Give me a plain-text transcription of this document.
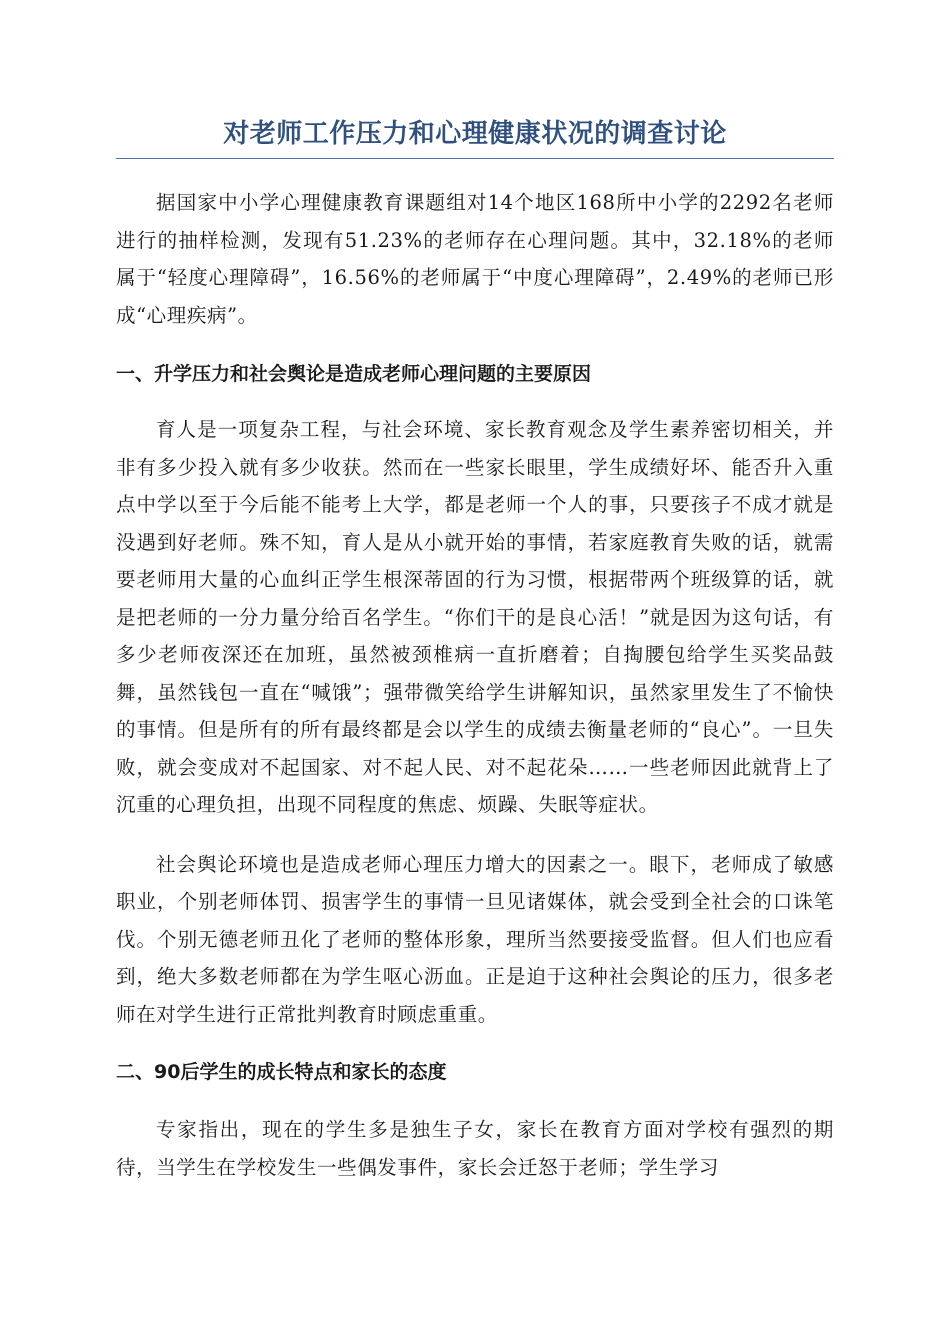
对老师工作压力和心理健康状况的调查讨论

据国家中小学心理健康教育课题组对14个地区168所中小学的2292名老师进行的抽样检测，发现有51.23%的老师存在心理问题。其中，32.18%的老师属于“轻度心理障碍”，16.56%的老师属于“中度心理障碍”，2.49%的老师已形成“心理疾病”。

一、升学压力和社会舆论是造成老师心理问题的主要原因

育人是一项复杂工程，与社会环境、家长教育观念及学生素养密切相关，并非有多少投入就有多少收获。然而在一些家长眼里，学生成绩好坏、能否升入重点中学以至于今后能不能考上大学，都是老师一个人的事，只要孩子不成才就是没遇到好老师。殊不知，育人是从小就开始的事情，若家庭教育失败的话，就需要老师用大量的心血纠正学生根深蒂固的行为习惯，根据带两个班级算的话，就是把老师的一分力量分给百名学生。“你们干的是良心活！”就是因为这句话，有多少老师夜深还在加班，虽然被颈椎病一直折磨着；自掏腰包给学生买奖品鼓舞，虽然钱包一直在“喊饿”；强带微笑给学生讲解知识，虽然家里发生了不愉快的事情。但是所有的所有最终都是会以学生的成绩去衡量老师的“良心”。一旦失败，就会变成对不起国家、对不起人民、对不起花朵……一些老师因此就背上了沉重的心理负担，出现不同程度的焦虑、烦躁、失眠等症状。

社会舆论环境也是造成老师心理压力增大的因素之一。眼下，老师成了敏感职业，个别老师体罚、损害学生的事情一旦见诸媒体，就会受到全社会的口诛笔伐。个别无德老师丑化了老师的整体形象，理所当然要接受监督。但人们也应看到，绝大多数老师都在为学生呕心沥血。正是迫于这种社会舆论的压力，很多老师在对学生进行正常批判教育时顾虑重重。

二、90后学生的成长特点和家长的态度

专家指出，现在的学生多是独生子女，家长在教育方面对学校有强烈的期待，当学生在学校发生一些偶发事件，家长会迁怒于老师；学生学习
